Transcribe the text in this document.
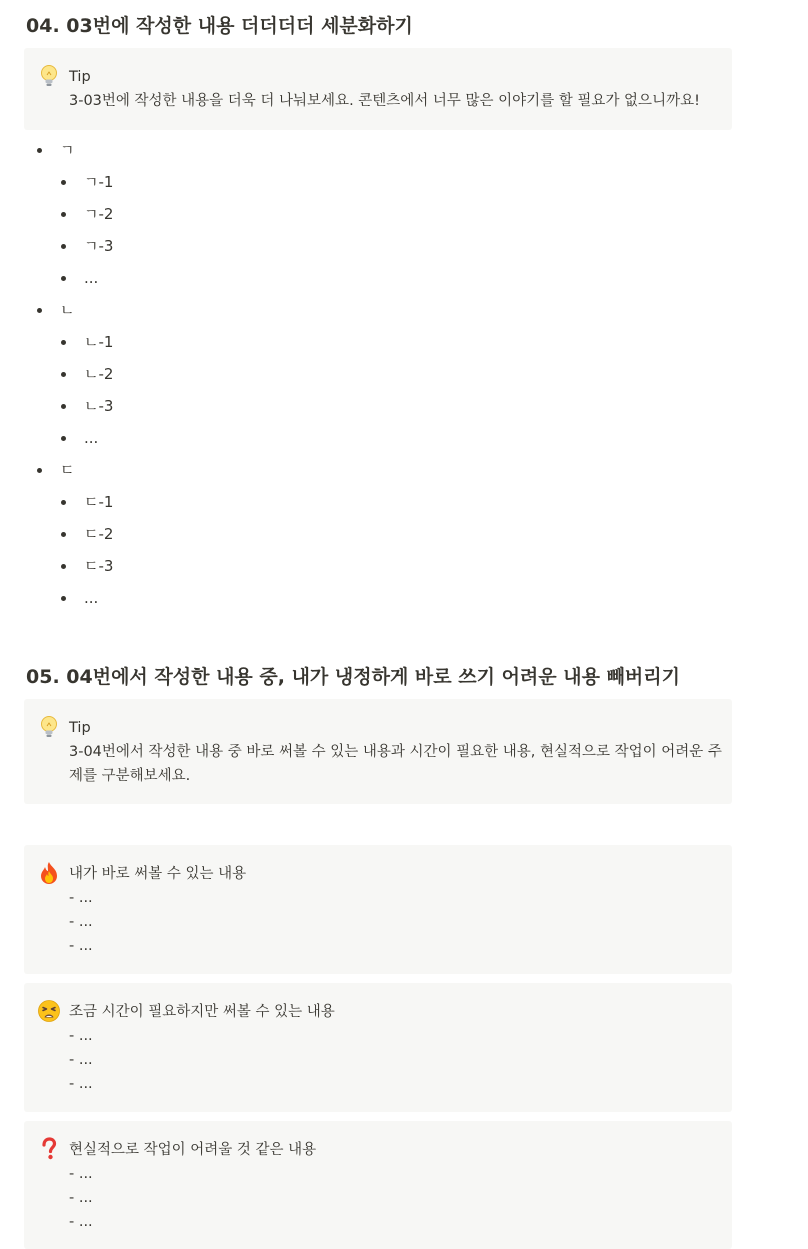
04. 03번에 작성한 내용 더더더더 세분화하기
Tip
3-03번에 작성한 내용을 더욱 더 나눠보세요. 콘텐츠에서 너무 많은 이야기를 할 필요가 없으니까요!
ㄱ
ㄱ-1
ㄱ-2
ㄱ-3
...
ㄴ
ㄴ-1
ㄴ-2
ㄴ-3
...
ㄷ
ㄷ-1
ㄷ-2
ㄷ-3
...
05. 04번에서 작성한 내용 중, 내가 냉정하게 바로 쓰기 어려운 내용 빼버리기
Tip
3-04번에서 작성한 내용 중 바로 써볼 수 있는 내용과 시간이 필요한 내용, 현실적으로 작업이 어려운 주
제를 구분해보세요.
내가 바로 써볼 수 있는 내용
- ...
- ...
- ...
조금 시간이 필요하지만 써볼 수 있는 내용
- ...
- ...
- ...
현실적으로 작업이 어려울 것 같은 내용
- ...
- ...
- ...
